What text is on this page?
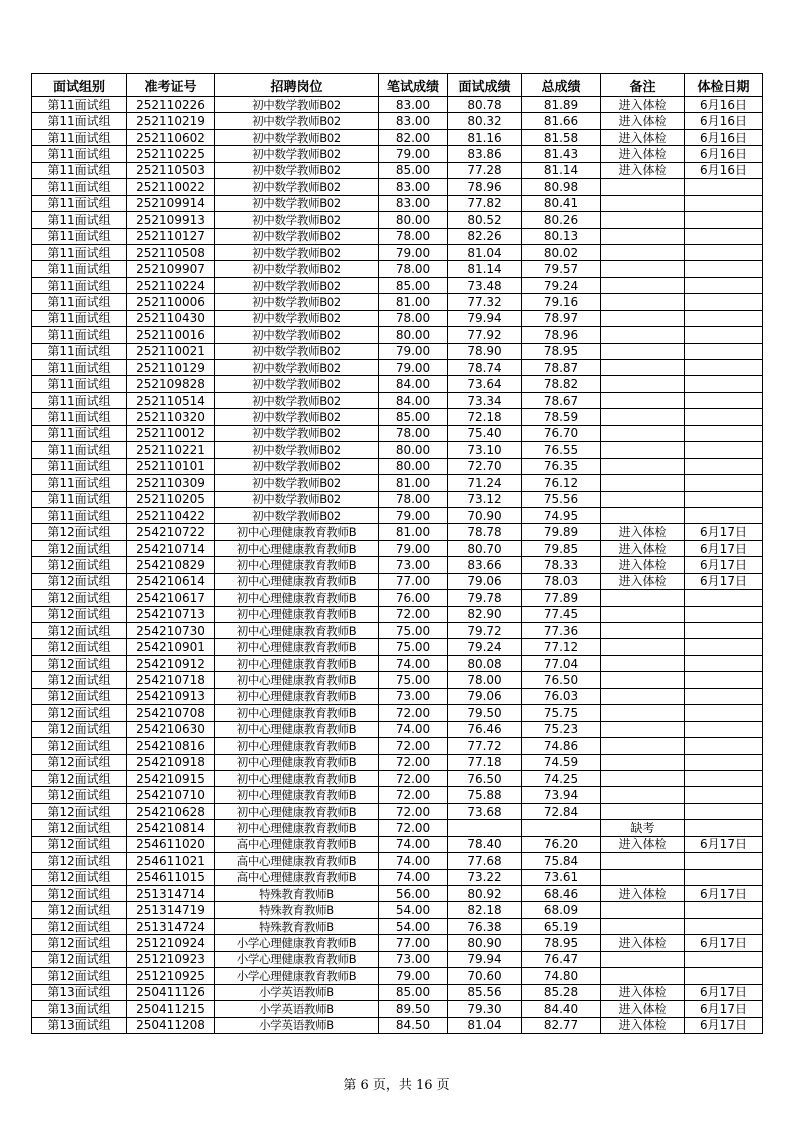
面试组别	准考证号	招聘岗位	笔试成绩	面试成绩	总成绩	备注	体检日期
第11面试组	252110226	初中数学教师B02	83.00	80.78	81.89	进入体检	6月16日
第11面试组	252110219	初中数学教师B02	83.00	80.32	81.66	进入体检	6月16日
第11面试组	252110602	初中数学教师B02	82.00	81.16	81.58	进入体检	6月16日
第11面试组	252110225	初中数学教师B02	79.00	83.86	81.43	进入体检	6月16日
第11面试组	252110503	初中数学教师B02	85.00	77.28	81.14	进入体检	6月16日
第11面试组	252110022	初中数学教师B02	83.00	78.96	80.98		
第11面试组	252109914	初中数学教师B02	83.00	77.82	80.41		
第11面试组	252109913	初中数学教师B02	80.00	80.52	80.26		
第11面试组	252110127	初中数学教师B02	78.00	82.26	80.13		
第11面试组	252110508	初中数学教师B02	79.00	81.04	80.02		
第11面试组	252109907	初中数学教师B02	78.00	81.14	79.57		
第11面试组	252110224	初中数学教师B02	85.00	73.48	79.24		
第11面试组	252110006	初中数学教师B02	81.00	77.32	79.16		
第11面试组	252110430	初中数学教师B02	78.00	79.94	78.97		
第11面试组	252110016	初中数学教师B02	80.00	77.92	78.96		
第11面试组	252110021	初中数学教师B02	79.00	78.90	78.95		
第11面试组	252110129	初中数学教师B02	79.00	78.74	78.87		
第11面试组	252109828	初中数学教师B02	84.00	73.64	78.82		
第11面试组	252110514	初中数学教师B02	84.00	73.34	78.67		
第11面试组	252110320	初中数学教师B02	85.00	72.18	78.59		
第11面试组	252110012	初中数学教师B02	78.00	75.40	76.70		
第11面试组	252110221	初中数学教师B02	80.00	73.10	76.55		
第11面试组	252110101	初中数学教师B02	80.00	72.70	76.35		
第11面试组	252110309	初中数学教师B02	81.00	71.24	76.12		
第11面试组	252110205	初中数学教师B02	78.00	73.12	75.56		
第11面试组	252110422	初中数学教师B02	79.00	70.90	74.95		
第12面试组	254210722	初中心理健康教育教师B	81.00	78.78	79.89	进入体检	6月17日
第12面试组	254210714	初中心理健康教育教师B	79.00	80.70	79.85	进入体检	6月17日
第12面试组	254210829	初中心理健康教育教师B	73.00	83.66	78.33	进入体检	6月17日
第12面试组	254210614	初中心理健康教育教师B	77.00	79.06	78.03	进入体检	6月17日
第12面试组	254210617	初中心理健康教育教师B	76.00	79.78	77.89		
第12面试组	254210713	初中心理健康教育教师B	72.00	82.90	77.45		
第12面试组	254210730	初中心理健康教育教师B	75.00	79.72	77.36		
第12面试组	254210901	初中心理健康教育教师B	75.00	79.24	77.12		
第12面试组	254210912	初中心理健康教育教师B	74.00	80.08	77.04		
第12面试组	254210718	初中心理健康教育教师B	75.00	78.00	76.50		
第12面试组	254210913	初中心理健康教育教师B	73.00	79.06	76.03		
第12面试组	254210708	初中心理健康教育教师B	72.00	79.50	75.75		
第12面试组	254210630	初中心理健康教育教师B	74.00	76.46	75.23		
第12面试组	254210816	初中心理健康教育教师B	72.00	77.72	74.86		
第12面试组	254210918	初中心理健康教育教师B	72.00	77.18	74.59		
第12面试组	254210915	初中心理健康教育教师B	72.00	76.50	74.25		
第12面试组	254210710	初中心理健康教育教师B	72.00	75.88	73.94		
第12面试组	254210628	初中心理健康教育教师B	72.00	73.68	72.84		
第12面试组	254210814	初中心理健康教育教师B	72.00			缺考	
第12面试组	254611020	高中心理健康教育教师B	74.00	78.40	76.20	进入体检	6月17日
第12面试组	254611021	高中心理健康教育教师B	74.00	77.68	75.84		
第12面试组	254611015	高中心理健康教育教师B	74.00	73.22	73.61		
第12面试组	251314714	特殊教育教师B	56.00	80.92	68.46	进入体检	6月17日
第12面试组	251314719	特殊教育教师B	54.00	82.18	68.09		
第12面试组	251314724	特殊教育教师B	54.00	76.38	65.19		
第12面试组	251210924	小学心理健康教育教师B	77.00	80.90	78.95	进入体检	6月17日
第12面试组	251210923	小学心理健康教育教师B	73.00	79.94	76.47		
第12面试组	251210925	小学心理健康教育教师B	79.00	70.60	74.80		
第13面试组	250411126	小学英语教师B	85.00	85.56	85.28	进入体检	6月17日
第13面试组	250411215	小学英语教师B	89.50	79.30	84.40	进入体检	6月17日
第13面试组	250411208	小学英语教师B	84.50	81.04	82.77	进入体检	6月17日
第 6 页，共 16 页
